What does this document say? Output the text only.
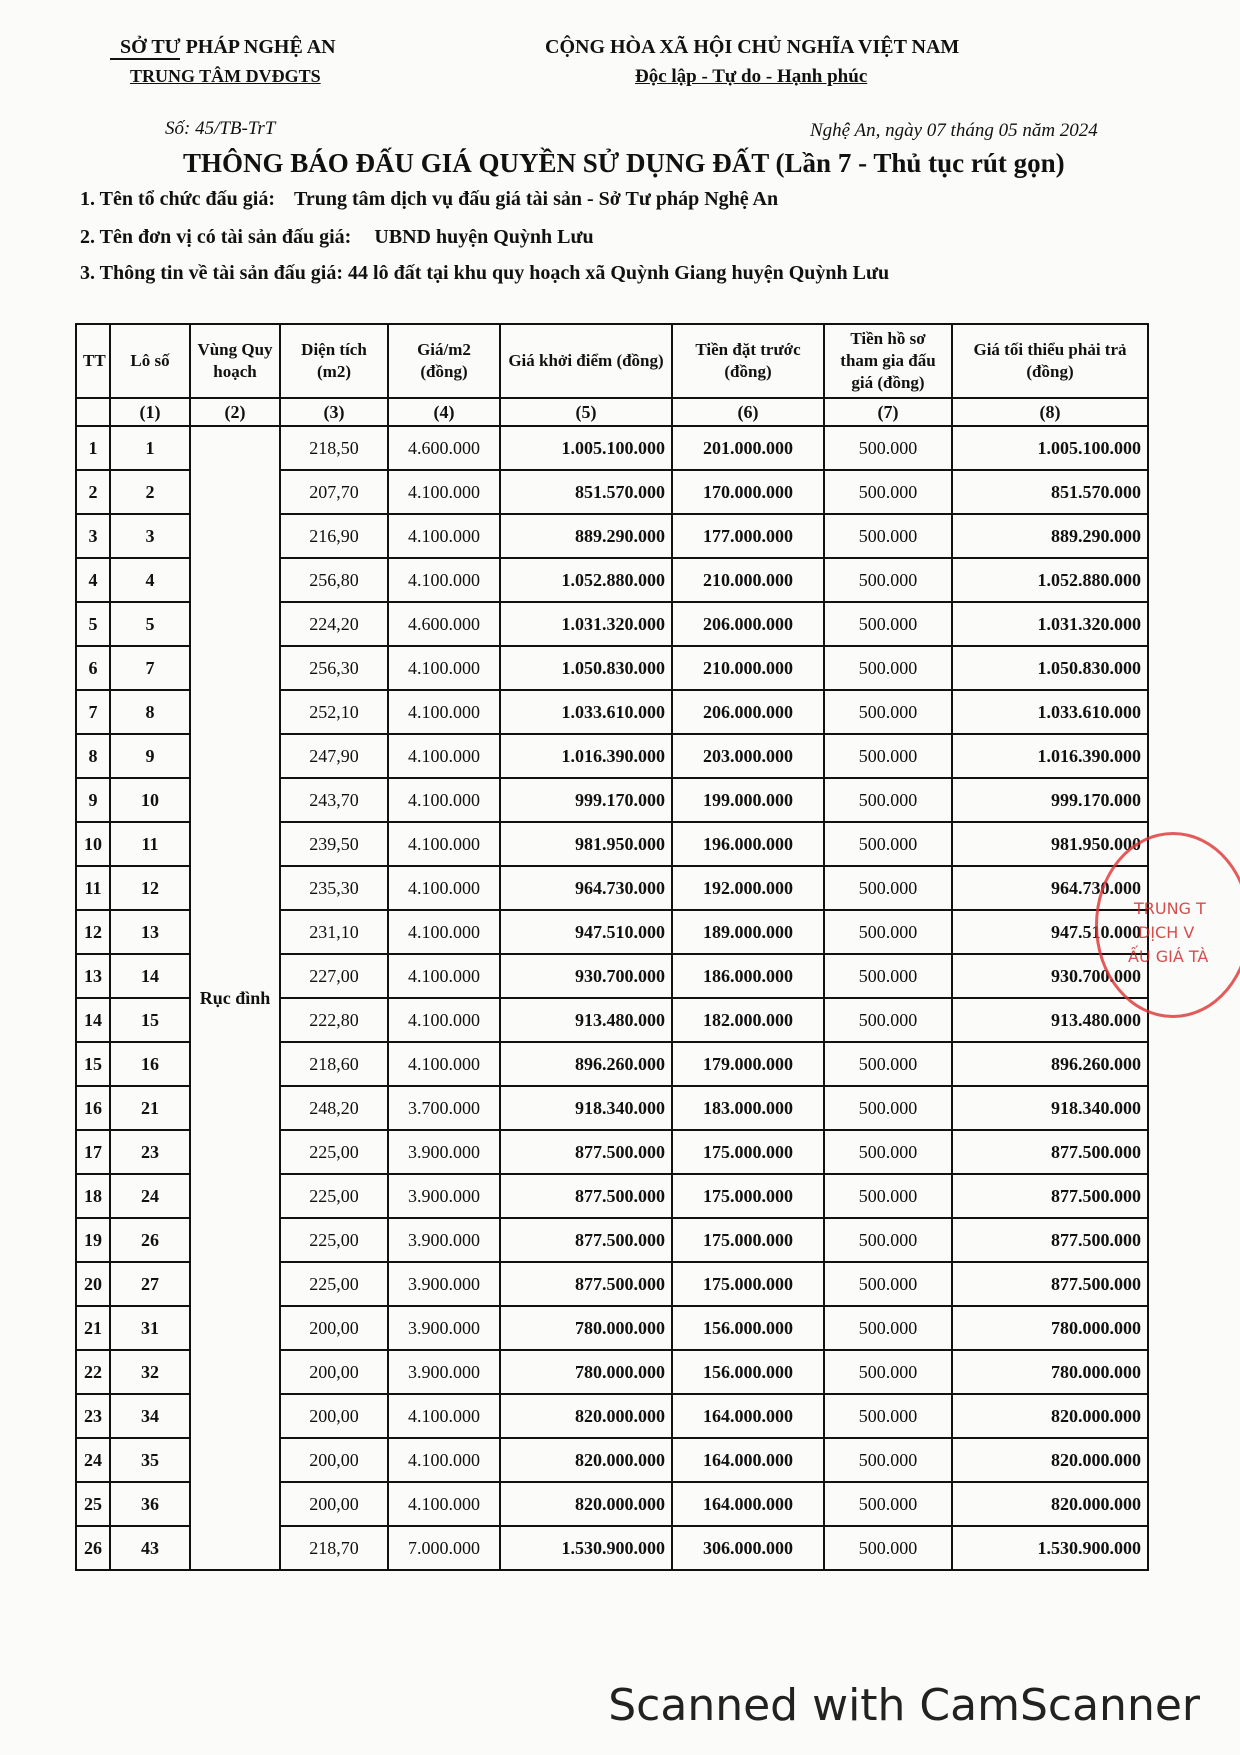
SỞ TƯ PHÁP NGHỆ AN
TRUNG TÂM DVĐGTS
CỘNG HÒA XÃ HỘI CHỦ NGHĨA VIỆT NAM
Độc lập - Tự do - Hạnh phúc
Số: 45/TB-TrT	Nghệ An, ngày 07 tháng 05 năm 2024
THÔNG BÁO ĐẤU GIÁ QUYỀN SỬ DỤNG ĐẤT (Lần 7 - Thủ tục rút gọn)
1. Tên tổ chức đấu giá: Trung tâm dịch vụ đấu giá tài sản - Sở Tư pháp Nghệ An
2. Tên đơn vị có tài sản đấu giá: UBND huyện Quỳnh Lưu
3. Thông tin về tài sản đấu giá: 44 lô đất tại khu quy hoạch xã Quỳnh Giang huyện Quỳnh Lưu
TT	Lô số	Vùng Quy hoạch	Diện tích (m2)	Giá/m2 (đồng)	Giá khởi điểm (đồng)	Tiền đặt trước (đồng)	Tiền hồ sơ tham gia đấu giá (đồng)	Giá tối thiểu phải trả (đồng)
	(1)	(2)	(3)	(4)	(5)	(6)	(7)	(8)
1	1	Rục đình	218,50	4.600.000	1.005.100.000	201.000.000	500.000	1.005.100.000
2	2		207,70	4.100.000	851.570.000	170.000.000	500.000	851.570.000
3	3		216,90	4.100.000	889.290.000	177.000.000	500.000	889.290.000
4	4		256,80	4.100.000	1.052.880.000	210.000.000	500.000	1.052.880.000
5	5		224,20	4.600.000	1.031.320.000	206.000.000	500.000	1.031.320.000
6	7		256,30	4.100.000	1.050.830.000	210.000.000	500.000	1.050.830.000
7	8		252,10	4.100.000	1.033.610.000	206.000.000	500.000	1.033.610.000
8	9		247,90	4.100.000	1.016.390.000	203.000.000	500.000	1.016.390.000
9	10		243,70	4.100.000	999.170.000	199.000.000	500.000	999.170.000
10	11		239,50	4.100.000	981.950.000	196.000.000	500.000	981.950.000
11	12		235,30	4.100.000	964.730.000	192.000.000	500.000	964.730.000
12	13		231,10	4.100.000	947.510.000	189.000.000	500.000	947.510.000
13	14		227,00	4.100.000	930.700.000	186.000.000	500.000	930.700.000
14	15		222,80	4.100.000	913.480.000	182.000.000	500.000	913.480.000
15	16		218,60	4.100.000	896.260.000	179.000.000	500.000	896.260.000
16	21		248,20	3.700.000	918.340.000	183.000.000	500.000	918.340.000
17	23		225,00	3.900.000	877.500.000	175.000.000	500.000	877.500.000
18	24		225,00	3.900.000	877.500.000	175.000.000	500.000	877.500.000
19	26		225,00	3.900.000	877.500.000	175.000.000	500.000	877.500.000
20	27		225,00	3.900.000	877.500.000	175.000.000	500.000	877.500.000
21	31		200,00	3.900.000	780.000.000	156.000.000	500.000	780.000.000
22	32		200,00	3.900.000	780.000.000	156.000.000	500.000	780.000.000
23	34		200,00	4.100.000	820.000.000	164.000.000	500.000	820.000.000
24	35		200,00	4.100.000	820.000.000	164.000.000	500.000	820.000.000
25	36		200,00	4.100.000	820.000.000	164.000.000	500.000	820.000.000
26	43		218,70	7.000.000	1.530.900.000	306.000.000	500.000	1.530.900.000
TRUNG T
DỊCH V
ẤU GIÁ TÀ
Scanned with CamScanner
